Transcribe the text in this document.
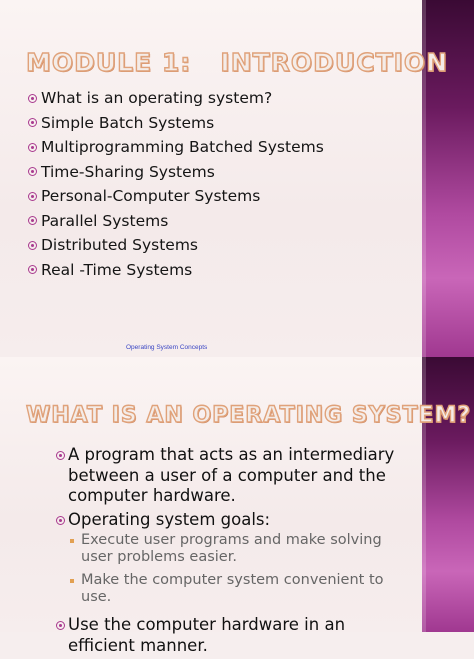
MODULE 1:   INTRODUCTION
What is an operating system?
Simple Batch Systems
Multiprogramming Batched Systems
Time-Sharing Systems
Personal-Computer Systems
Parallel Systems
Distributed Systems
Real -Time Systems
Operating System Concepts
WHAT IS AN OPERATING SYSTEM?
A program that acts as an intermediary between a user of a computer and the computer hardware.
Operating system goals:
Execute user programs and make solving user problems easier.
Make the computer system convenient to use.
Use the computer hardware in an efficient manner.
